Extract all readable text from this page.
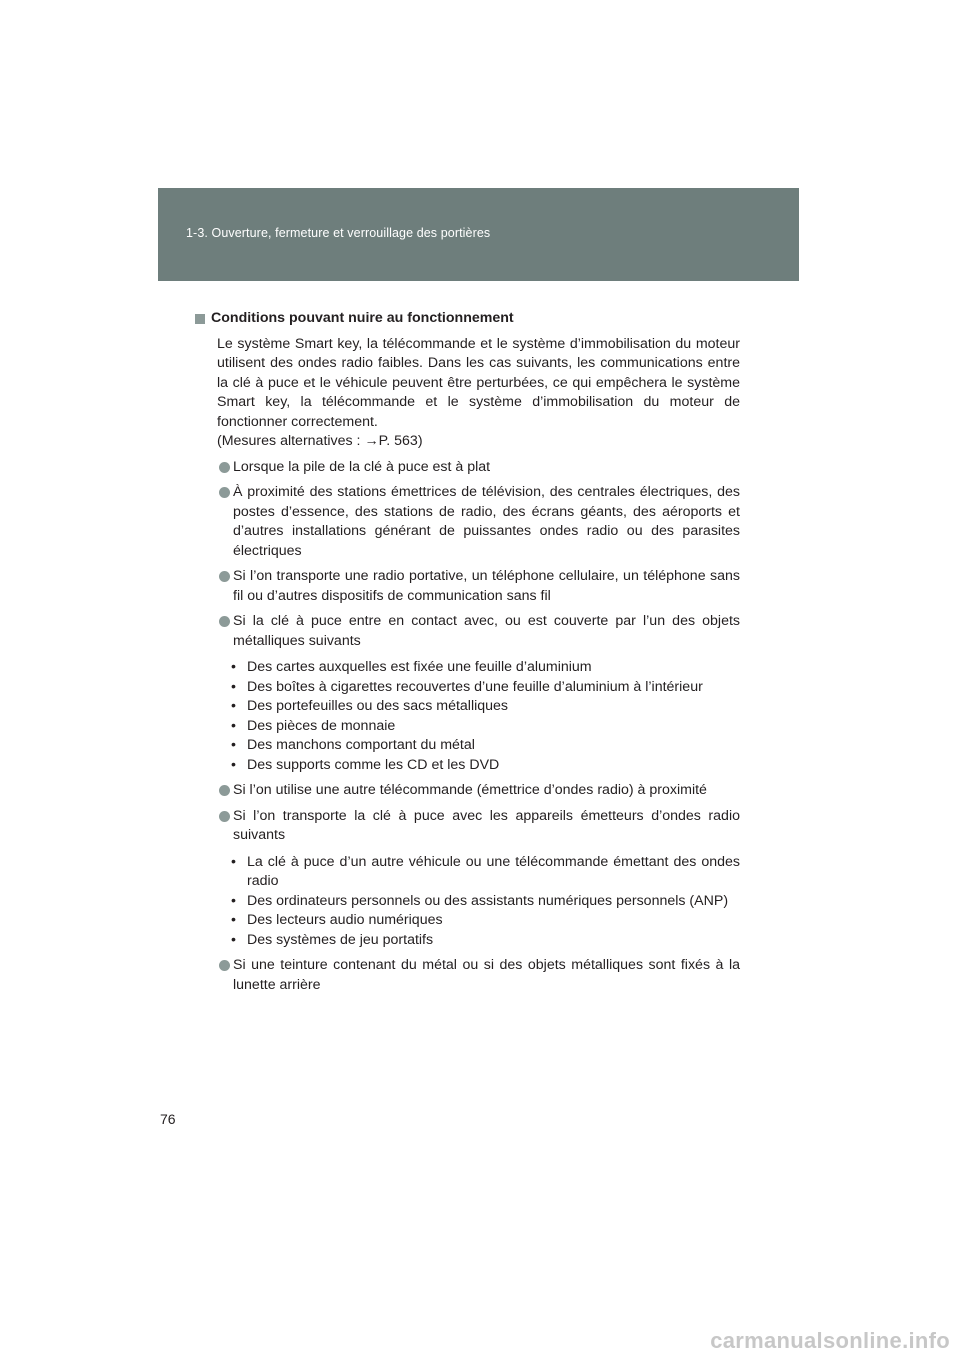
1-3. Ouverture, fermeture et verrouillage des portières
Conditions pouvant nuire au fonctionnement
Le système Smart key, la télécommande et le système d’immobilisation du moteur utilisent des ondes radio faibles. Dans les cas suivants, les communications entre la clé à puce et le véhicule peuvent être perturbées, ce qui empêchera le système Smart key, la télécommande et le système d’immobilisation du moteur de fonctionner correctement.
(Mesures alternatives : →P. 563)
Lorsque la pile de la clé à puce est à plat
À proximité des stations émettrices de télévision, des centrales électriques, des postes d’essence, des stations de radio, des écrans géants, des aéroports et d’autres installations générant de puissantes ondes radio ou des parasites électriques
Si l’on transporte une radio portative, un téléphone cellulaire, un téléphone sans fil ou d’autres dispositifs de communication sans fil
Si la clé à puce entre en contact avec, ou est couverte par l’un des objets métalliques suivants
• Des cartes auxquelles est fixée une feuille d’aluminium
• Des boîtes à cigarettes recouvertes d’une feuille d’aluminium à l’intérieur
• Des portefeuilles ou des sacs métalliques
• Des pièces de monnaie
• Des manchons comportant du métal
• Des supports comme les CD et les DVD
Si l’on utilise une autre télécommande (émettrice d’ondes radio) à proximité
Si l’on transporte la clé à puce avec les appareils émetteurs d’ondes radio suivants
• La clé à puce d’un autre véhicule ou une télécommande émettant des ondes radio
• Des ordinateurs personnels ou des assistants numériques personnels (ANP)
• Des lecteurs audio numériques
• Des systèmes de jeu portatifs
Si une teinture contenant du métal ou si des objets métalliques sont fixés à la lunette arrière
76
carmanualsonline.info
